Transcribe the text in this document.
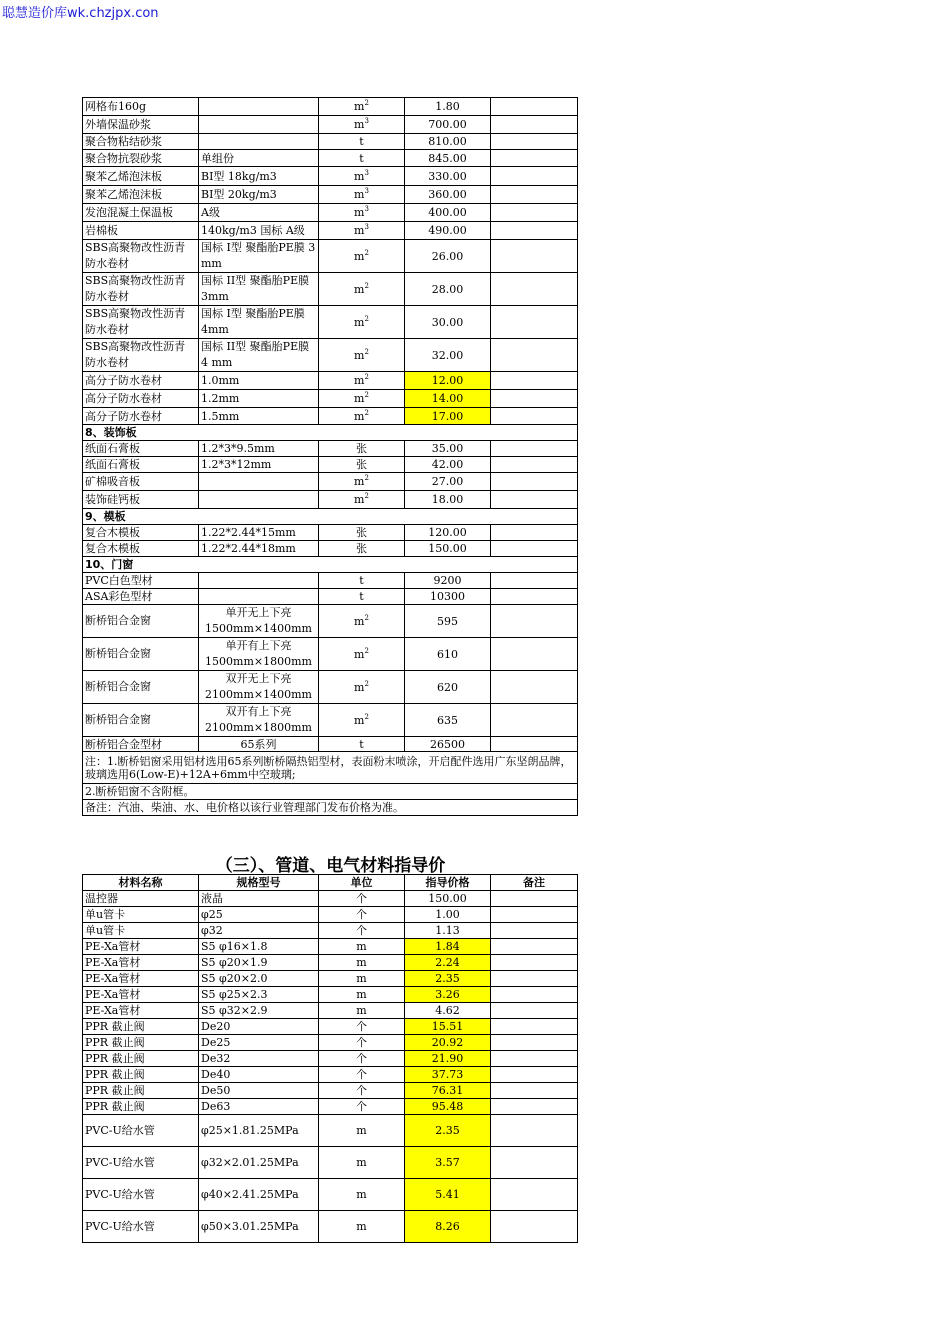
聪慧造价库wk.chzjpx.con
网格布160g		$m^2$	1.80	
外墙保温砂浆		$m^3$	700.00	
聚合物粘结砂浆		t	810.00	
聚合物抗裂砂浆	单组份	t	845.00	
聚苯乙烯泡沫板	BI型 18kg/m3	$m^3$	330.00	
聚苯乙烯泡沫板	BI型 20kg/m3	$m^3$	360.00	
发泡混凝土保温板	A级	$m^3$	400.00	
岩棉板	140kg/m3 国标 A级	$m^3$	490.00	
SBS高聚物改性沥青防水卷材	国标 I型 聚酯胎PE膜 3 mm	$m^2$	26.00	
SBS高聚物改性沥青防水卷材	国标 II型 聚酯胎PE膜 3mm	$m^2$	28.00	
SBS高聚物改性沥青防水卷材	国标 I型 聚酯胎PE膜 4mm	$m^2$	30.00	
SBS高聚物改性沥青防水卷材	国标 II型 聚酯胎PE膜 4 mm	$m^2$	32.00	
高分子防水卷材	1.0mm	$m^2$	12.00	
高分子防水卷材	1.2mm	$m^2$	14.00	
高分子防水卷材	1.5mm	$m^2$	17.00	
8、装饰板				
纸面石膏板	1.2*3*9.5mm	张	35.00	
纸面石膏板	1.2*3*12mm	张	42.00	
矿棉吸音板		$m^2$	27.00	
装饰硅钙板		$m^2$	18.00	
9、模板				
复合木模板	1.22*2.44*15mm	张	120.00	
复合木模板	1.22*2.44*18mm	张	150.00	
10、门窗				
PVC白色型材		t	9200	
ASA彩色型材		t	10300	
断桥铝合金窗	单开无上下亮1500mm×1400mm	$m^2$	595	
断桥铝合金窗	单开有上下亮1500mm×1800mm	$m^2$	610	
断桥铝合金窗	双开无上下亮2100mm×1400mm	$m^2$	620	
断桥铝合金窗	双开有上下亮2100mm×1800mm	$m^2$	635	
断桥铝合金型材	65系列	t	26500	
注：1.断桥铝窗采用铝材选用65系列断桥隔热铝型材，表面粉末喷涂，开启配件选用广东坚朗品牌，玻璃选用6(Low-E)+12A+6mm中空玻璃;				
2.断桥铝窗不含附框。				
备注：汽油、柴油、水、电价格以该行业管理部门发布价格为准。				
（三）、管道、电气材料指导价
材料名称	规格型号	单位	指导价格	备注
温控器	液晶	个	150.00	
单u管卡	φ25	个	1.00	
单u管卡	φ32	个	1.13	
PE-Xa管材	S5 φ16×1.8	m	1.84	
PE-Xa管材	S5 φ20×1.9	m	2.24	
PE-Xa管材	S5 φ20×2.0	m	2.35	
PE-Xa管材	S5 φ25×2.3	m	3.26	
PE-Xa管材	S5 φ32×2.9	m	4.62	
PPR 截止阀	De20	个	15.51	
PPR 截止阀	De25	个	20.92	
PPR 截止阀	De32	个	21.90	
PPR 截止阀	De40	个	37.73	
PPR 截止阀	De50	个	76.31	
PPR 截止阀	De63	个	95.48	
PVC-U给水管	φ25×1.81.25MPa	m	2.35	
PVC-U给水管	φ32×2.01.25MPa	m	3.57	
PVC-U给水管	φ40×2.41.25MPa	m	5.41	
PVC-U给水管	φ50×3.01.25MPa	m	8.26	
